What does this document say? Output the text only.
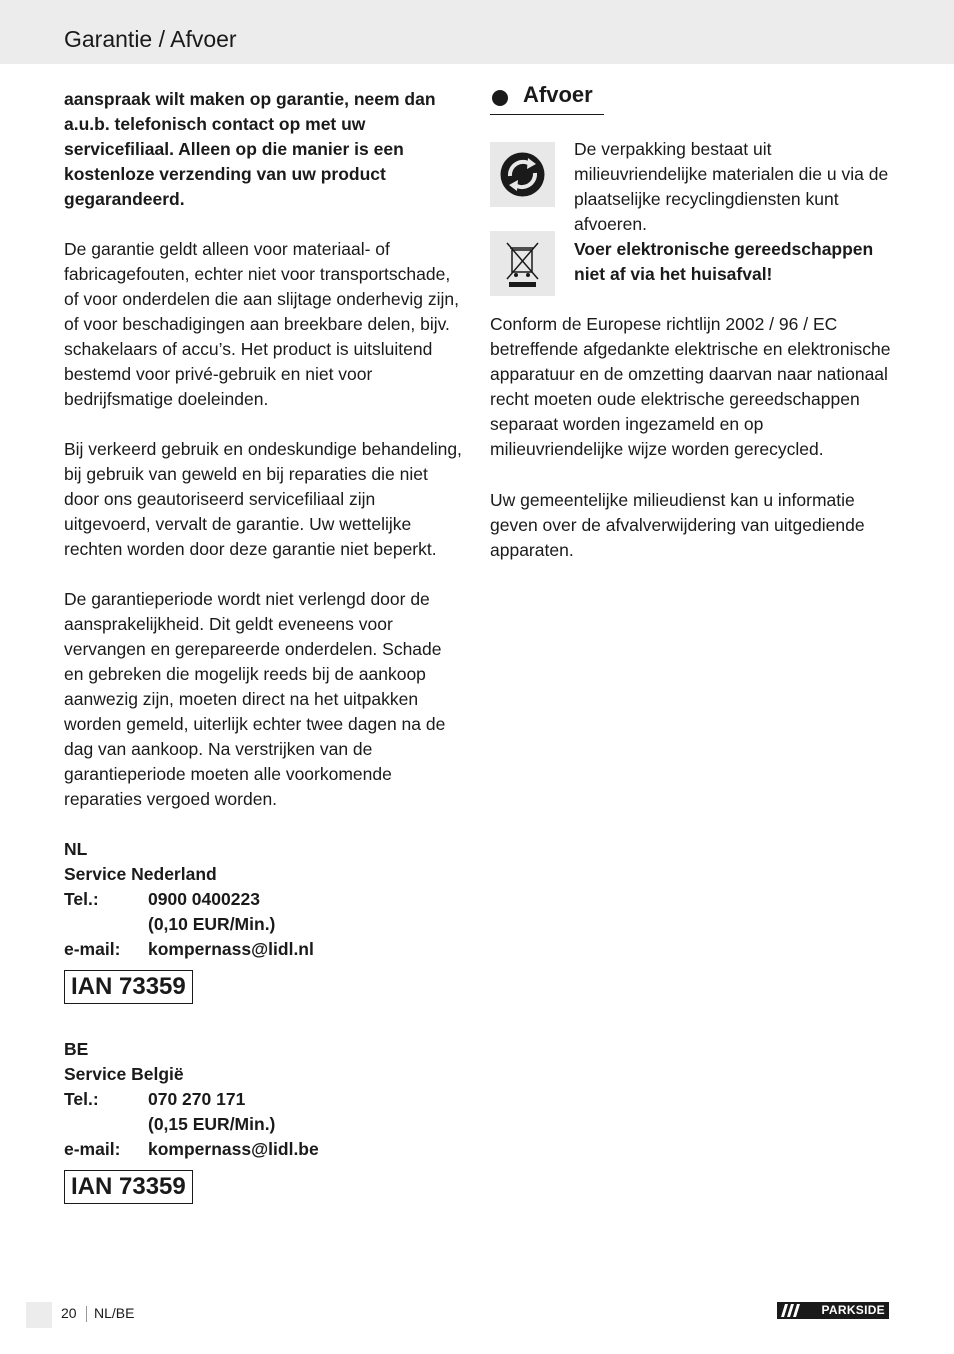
Garantie / Afvoer

aanspraak wilt maken op garantie, neem dan a.u.b. telefonisch contact op met uw servicefiliaal. Alleen op die manier is een kostenloze verzending van uw product gegarandeerd.

De garantie geldt alleen voor materiaal- of fabricagefouten, echter niet voor transportschade, of voor onderdelen die aan slijtage onderhevig zijn, of voor beschadigingen aan breekbare delen, bijv. schakelaars of accu’s. Het product is uitsluitend bestemd voor privé-gebruik en niet voor bedrijfsmatige doeleinden.

Bij verkeerd gebruik en ondeskundige behandeling, bij gebruik van geweld en bij reparaties die niet door ons geautoriseerd servicefiliaal zijn uitgevoerd, vervalt de garantie. Uw wettelijke rechten worden door deze garantie niet beperkt.

De garantieperiode wordt niet verlengd door de aansprakelijkheid. Dit geldt eveneens voor vervangen en gerepareerde onderdelen. Schade en gebreken die mogelijk reeds bij de aankoop aanwezig zijn, moeten direct na het uitpakken worden gemeld, uiterlijk echter twee dagen na de dag van aankoop. Na verstrijken van de garantieperiode moeten alle voorkomende reparaties vergoed worden.

NL

Service Nederland

Tel.:	0900 0400223
	(0,10 EUR/Min.)
e-mail:	kompernass@lidl.nl
IAN 73359

BE

Service België

Tel.:	070 270 171
	(0,15 EUR/Min.)
e-mail:	kompernass@lidl.be
IAN 73359
Afvoer
De verpakking bestaat uit milieuvriendelijke materialen die u via de plaatselijke recyclingdiensten kunt afvoeren.
Voer elektronische gereedschappen niet af via het huisafval!
Conform de Europese richtlijn 2002 / 96 / EC betreffende afgedankte elektrische en elektronische apparatuur en de omzetting daarvan naar nationaal recht moeten oude elektrische gereedschappen separaat worden ingezameld en op milieuvriendelijke wijze worden gerecycled.
Uw gemeentelijke milieudienst kan u informatie geven over de afvalverwijdering van uitgediende apparaten.
20 NL/BE	PARKSIDE
